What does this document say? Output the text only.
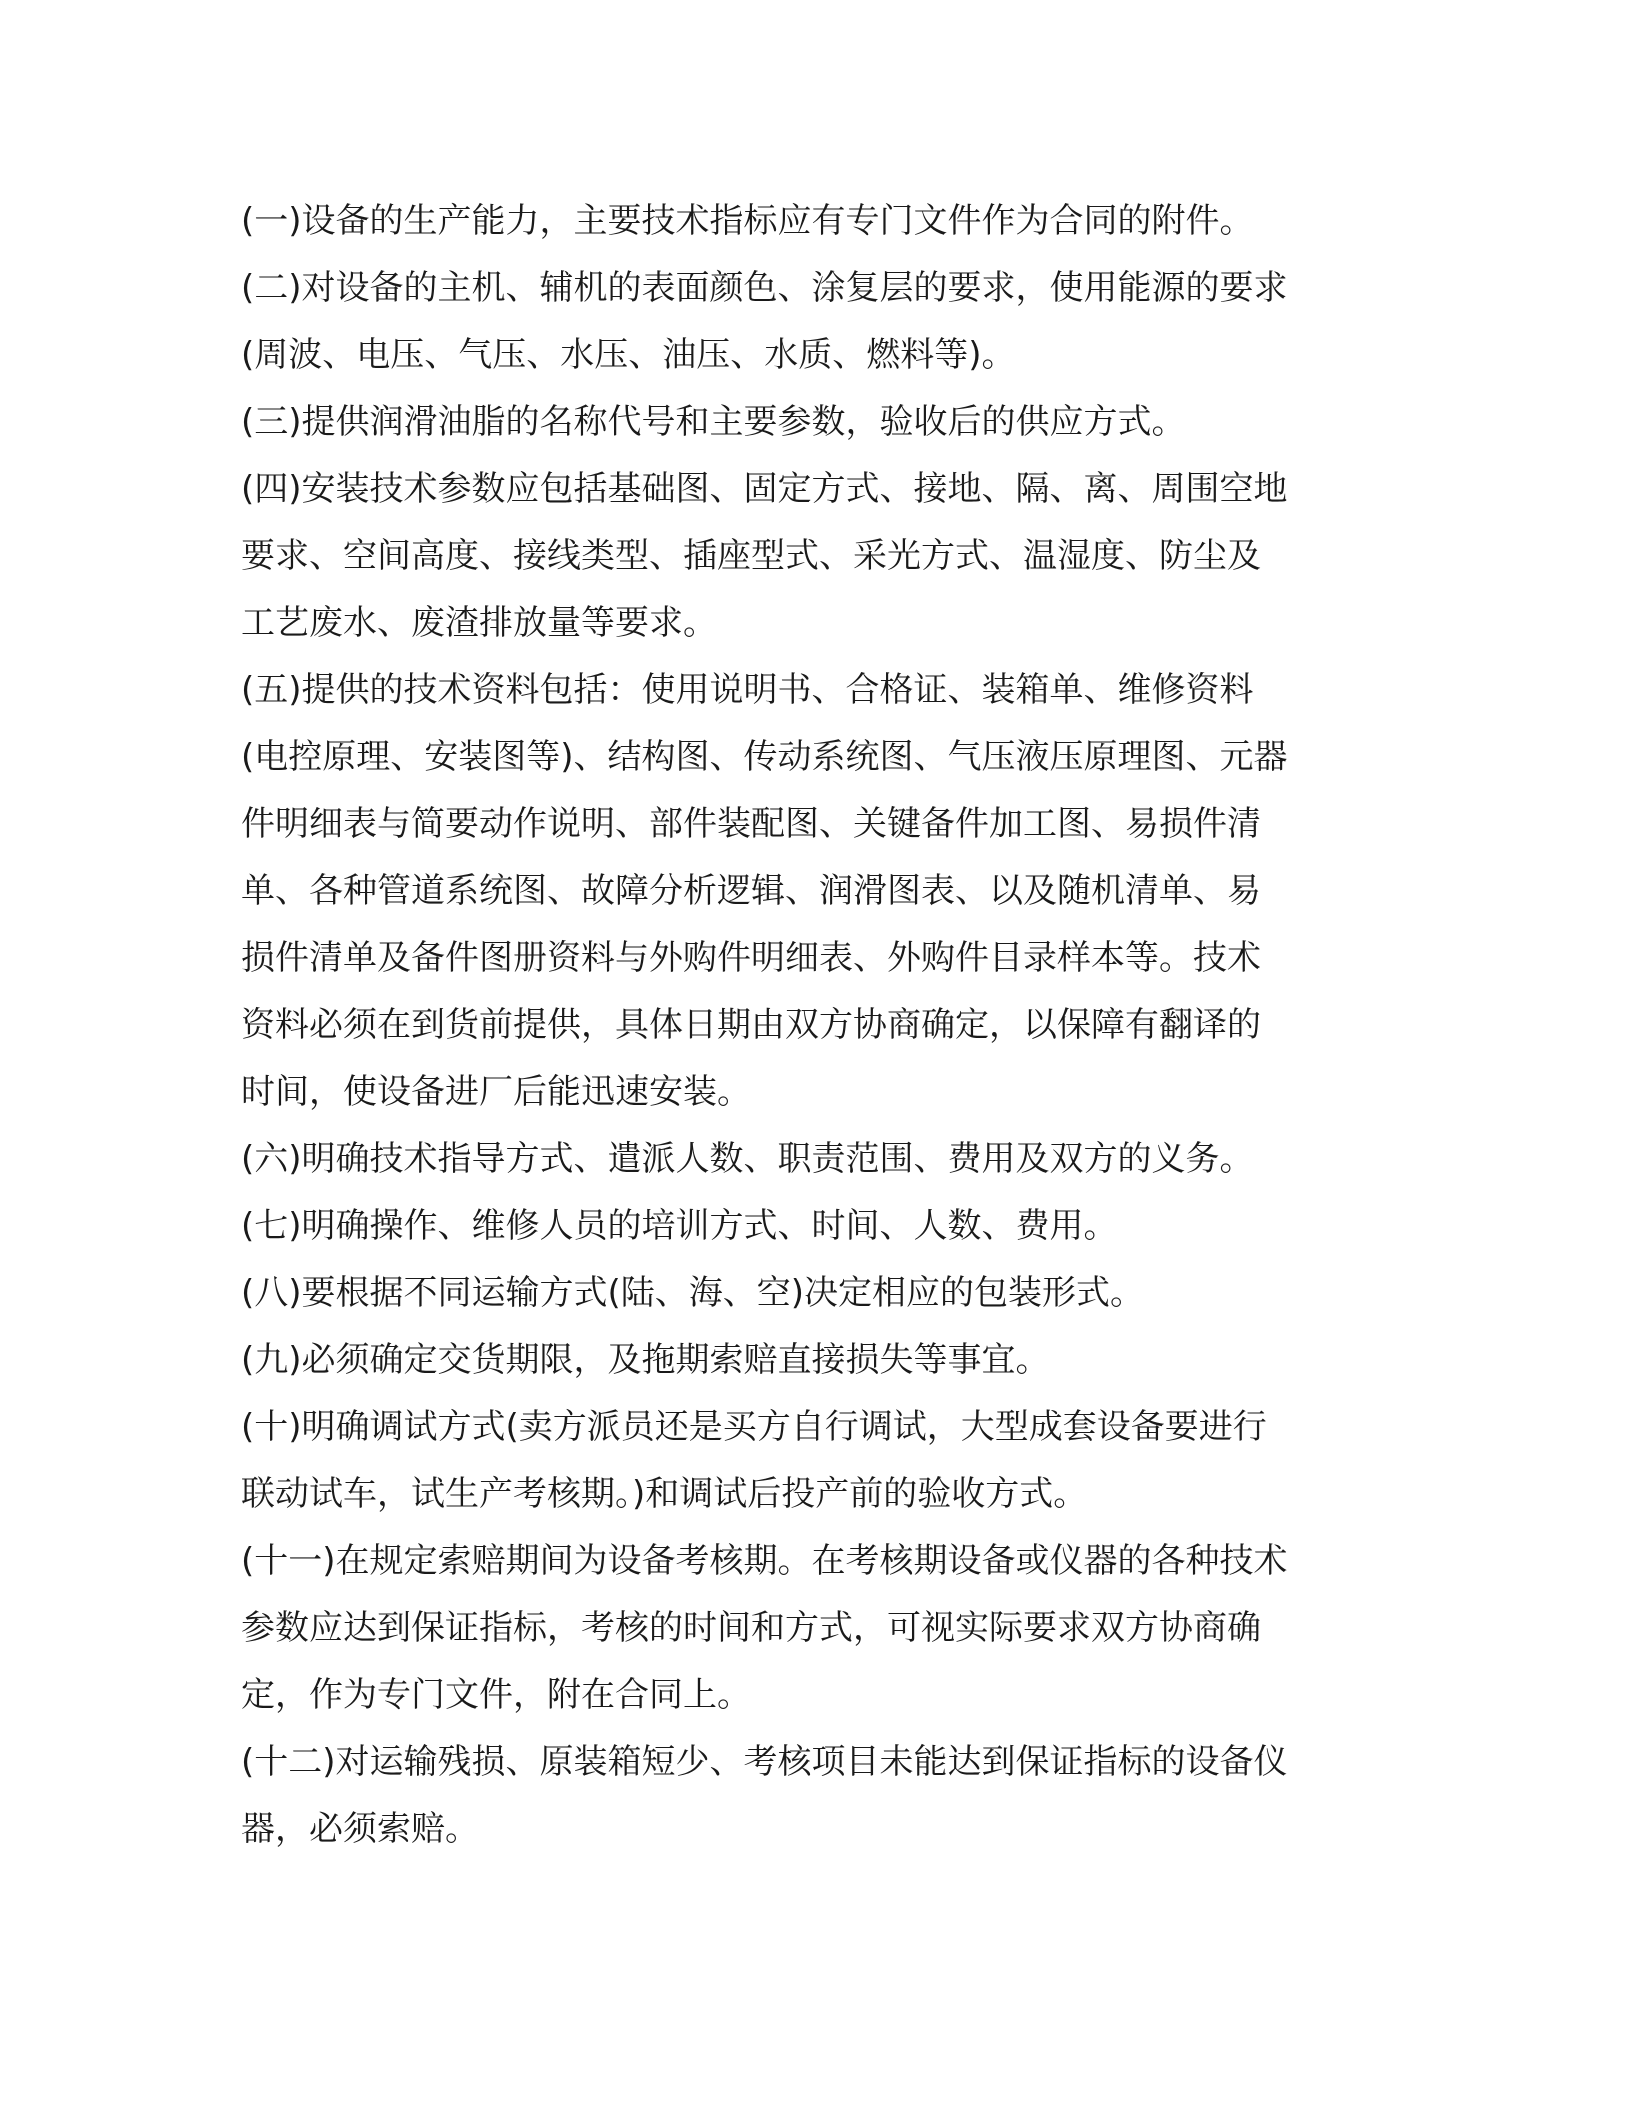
(一)设备的生产能力，主要技术指标应有专门文件作为合同的附件。

(二)对设备的主机、辅机的表面颜色、涂复层的要求，使用能源的要求
(周波、电压、气压、水压、油压、水质、燃料等)。

(三)提供润滑油脂的名称代号和主要参数，验收后的供应方式。

(四)安装技术参数应包括基础图、固定方式、接地、隔、离、周围空地
要求、空间高度、接线类型、插座型式、采光方式、温湿度、防尘及
工艺废水、废渣排放量等要求。

(五)提供的技术资料包括：使用说明书、合格证、装箱单、维修资料
(电控原理、安装图等)、结构图、传动系统图、气压液压原理图、元器
件明细表与简要动作说明、部件装配图、关键备件加工图、易损件清
单、各种管道系统图、故障分析逻辑、润滑图表、以及随机清单、易
损件清单及备件图册资料与外购件明细表、外购件目录样本等。技术
资料必须在到货前提供，具体日期由双方协商确定，以保障有翻译的
时间，使设备进厂后能迅速安装。

(六)明确技术指导方式、遣派人数、职责范围、费用及双方的义务。

(七)明确操作、维修人员的培训方式、时间、人数、费用。

(八)要根据不同运输方式(陆、海、空)决定相应的包装形式。

(九)必须确定交货期限，及拖期索赔直接损失等事宜。

(十)明确调试方式(卖方派员还是买方自行调试，大型成套设备要进行
联动试车，试生产考核期。)和调试后投产前的验收方式。

(十一)在规定索赔期间为设备考核期。在考核期设备或仪器的各种技术
参数应达到保证指标，考核的时间和方式，可视实际要求双方协商确
定，作为专门文件，附在合同上。

(十二)对运输残损、原装箱短少、考核项目未能达到保证指标的设备仪
器，必须索赔。
